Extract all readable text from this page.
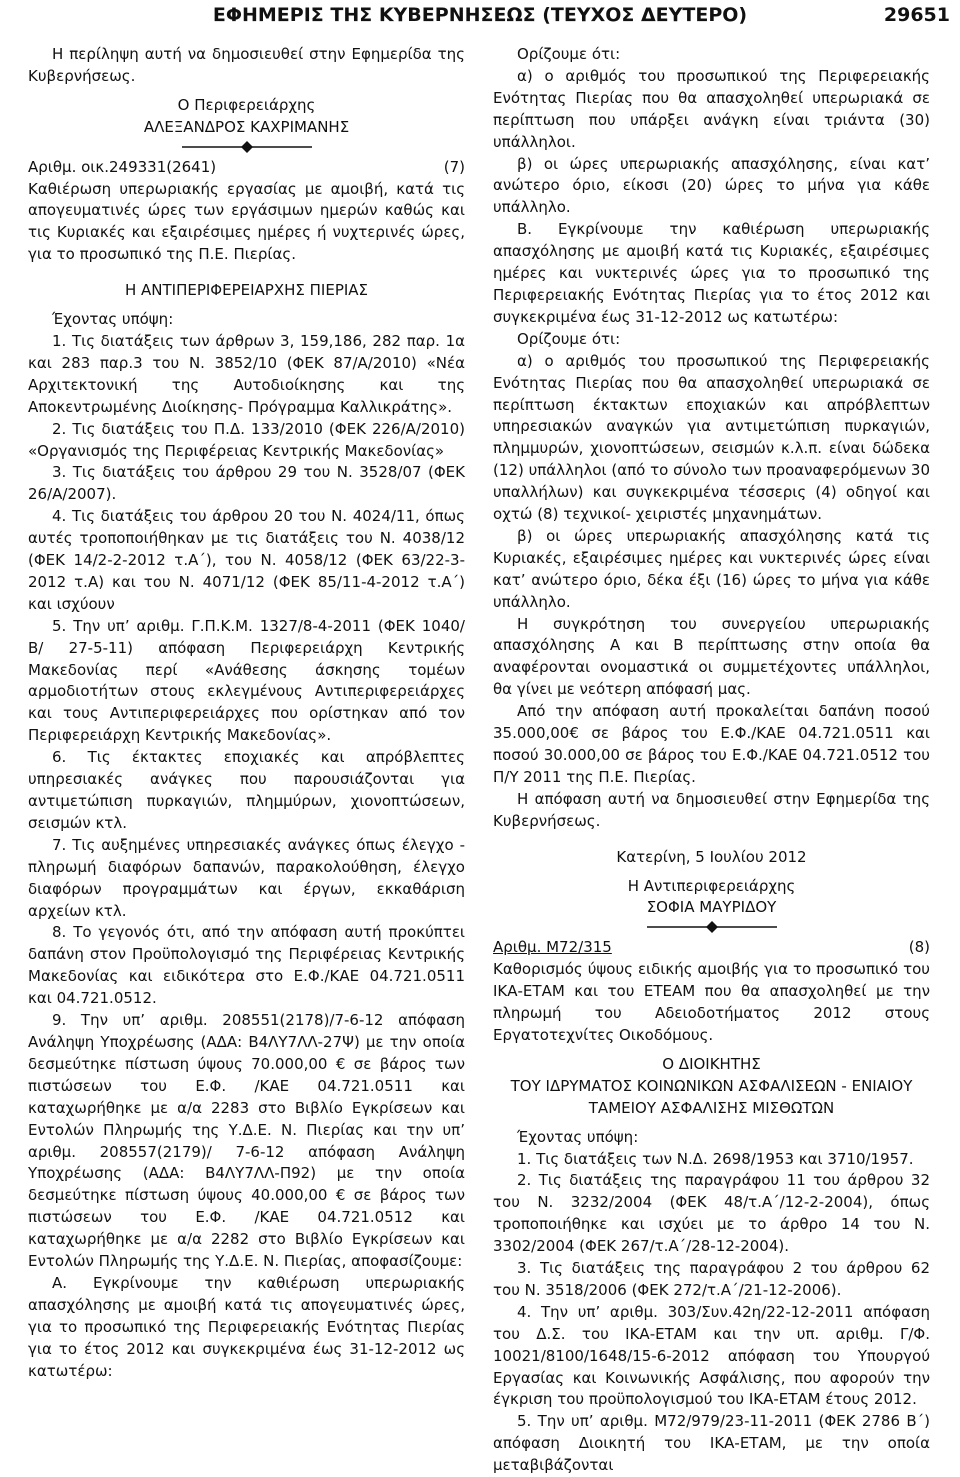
ΕΦΗΜΕΡΙΣ ΤΗΣ ΚΥΒΕΡΝΗΣΕΩΣ (ΤΕΥΧΟΣ ΔΕΥΤΕΡΟ)	29651

Η περίληψη αυτή να δημοσιευθεί στην Εφημερίδα της Κυβερνήσεως.

Ο Περιφερειάρχης

ΑΛΕΞΑΝΔΡΟΣ ΚΑΧΡΙΜΑΝΗΣ

Αριθμ. οικ.249331(2641)	(7)

Καθιέρωση υπερωριακής εργασίας με αμοιβή, κατά τις απογευματινές ώρες των εργάσιμων ημερών καθώς και τις Κυριακές και εξαιρέσιμες ημέρες ή νυχτερινές ώρες, για το προσωπικό της Π.Ε. Πιερίας.

Η ΑΝΤΙΠΕΡΙΦΕΡΕΙΑΡΧΗΣ ΠΙΕΡΙΑΣ

Έχοντας υπόψη:

1. Τις διατάξεις των άρθρων 3, 159,186, 282 παρ. 1α και 283 παρ.3 του Ν. 3852/10 (ΦΕΚ 87/Α/2010) «Νέα Αρχιτεκτονική της Αυτοδιοίκησης και της Αποκεντρωμένης Διοίκησης- Πρόγραμμα Καλλικράτης».

2. Τις διατάξεις του Π.Δ. 133/2010 (ΦΕΚ 226/Α/2010) «Οργανισμός της Περιφέρειας Κεντρικής Μακεδονίας»

3. Τις διατάξεις του άρθρου 29 του Ν. 3528/07 (ΦΕΚ 26/Α/2007).

4. Τις διατάξεις του άρθρου 20 του Ν. 4024/11, όπως αυτές τροποποιήθηκαν με τις διατάξεις του Ν. 4038/12 (ΦΕΚ 14/2-2-2012 τ.Α΄), του Ν. 4058/12 (ΦΕΚ 63/22-3-2012 τ.Α) και του Ν. 4071/12 (ΦΕΚ 85/11-4-2012 τ.Α΄) και ισχύουν

5. Την υπ’ αριθμ. Γ.Π.Κ.Μ. 1327/8-4-2011 (ΦΕΚ 1040/Β/ 27-5-11) απόφαση Περιφερειάρχη Κεντρικής Μακεδονίας περί «Ανάθεσης άσκησης τομέων αρμοδιοτήτων στους εκλεγμένους Αντιπεριφερειάρχες και τους Αντιπεριφερειάρχες που ορίστηκαν από τον Περιφερειάρχη Κεντρικής Μακεδονίας».

6. Τις έκτακτες εποχιακές και απρόβλεπτες υπηρεσιακές ανάγκες που παρουσιάζονται για αντιμετώπιση πυρκαγιών, πλημμύρων, χιονοπτώσεων, σεισμών κτλ.

7. Τις αυξημένες υπηρεσιακές ανάγκες όπως έλεγχο - πληρωμή διαφόρων δαπανών, παρακολούθηση, έλεγχο διαφόρων προγραμμάτων και έργων, εκκαθάριση αρχείων κτλ.

8. Το γεγονός ότι, από την απόφαση αυτή προκύπτει δαπάνη στον Προϋπολογισμό της Περιφέρειας Κεντρικής Μακεδονίας και ειδικότερα στο Ε.Φ./ΚΑΕ 04.721.0511 και 04.721.0512.

9. Την υπ’ αριθμ. 208551(2178)/7-6-12 απόφαση Ανάληψη Υποχρέωσης (ΑΔΑ: Β4ΛΥ7ΛΛ-27Ψ) με την οποία δεσμεύτηκε πίστωση ύψους 70.000,00 € σε βάρος των πιστώσεων του Ε.Φ. /ΚΑΕ 04.721.0511 και καταχωρήθηκε με α/α 2283 στο Βιβλίο Εγκρίσεων και Εντολών Πληρωμής της Υ.Δ.Ε. Ν. Πιερίας και την υπ’ αριθμ. 208557(2179)/ 7-6-12 απόφαση Ανάληψη Υποχρέωσης (ΑΔΑ: Β4ΛΥ7ΛΛ-Π92) με την οποία δεσμεύτηκε πίστωση ύψους 40.000,00 € σε βάρος των πιστώσεων του Ε.Φ. /ΚΑΕ 04.721.0512 και καταχωρήθηκε με α/α 2282 στο Βιβλίο Εγκρίσεων και Εντολών Πληρωμής της Υ.Δ.Ε. Ν. Πιερίας, αποφασίζουμε:

Α. Εγκρίνουμε την καθιέρωση υπερωριακής απασχόλησης με αμοιβή κατά τις απογευματινές ώρες, για το προσωπικό της Περιφερειακής Ενότητας Πιερίας για το έτος 2012 και συγκεκριμένα έως 31-12-2012 ως κατωτέρω:

Ορίζουμε ότι:

α) ο αριθμός του προσωπικού της Περιφερειακής Ενότητας Πιερίας που θα απασχοληθεί υπερωριακά σε περίπτωση που υπάρξει ανάγκη είναι τριάντα (30) υπάλληλοι.

β) οι ώρες υπερωριακής απασχόλησης, είναι κατ’ ανώτερο όριο, είκοσι (20) ώρες το μήνα για κάθε υπάλληλο.

Β. Εγκρίνουμε την καθιέρωση υπερωριακής απασχόλησης με αμοιβή κατά τις Κυριακές, εξαιρέσιμες ημέρες και νυκτερινές ώρες για το προσωπικό της Περιφερειακής Ενότητας Πιερίας για το έτος 2012 και συγκεκριμένα έως 31-12-2012 ως κατωτέρω:

Ορίζουμε ότι:

α) ο αριθμός του προσωπικού της Περιφερειακής Ενότητας Πιερίας που θα απασχοληθεί υπερωριακά σε περίπτωση έκτακτων εποχιακών και απρόβλεπτων υπηρεσιακών αναγκών για αντιμετώπιση πυρκαγιών, πλημμυρών, χιονοπτώσεων, σεισμών κ.λ.π. είναι δώδεκα (12) υπάλληλοι (από το σύνολο των προαναφερόμενων 30 υπαλλήλων) και συγκεκριμένα τέσσερις (4) οδηγοί και οχτώ (8) τεχνικοί- χειριστές μηχανημάτων.

β) οι ώρες υπερωριακής απασχόλησης κατά τις Κυριακές, εξαιρέσιμες ημέρες και νυκτερινές ώρες είναι κατ’ ανώτερο όριο, δέκα έξι (16) ώρες το μήνα για κάθε υπάλληλο.

Η συγκρότηση του συνεργείου υπερωριακής απασχόλησης Α και Β περίπτωσης στην οποία θα αναφέρονται ονομαστικά οι συμμετέχοντες υπάλληλοι, θα γίνει με νεότερη απόφασή μας.

Από την απόφαση αυτή προκαλείται δαπάνη ποσού 35.000,00€ σε βάρος του Ε.Φ./ΚΑΕ 04.721.0511 και ποσού 30.000,00 σε βάρος του Ε.Φ./ΚΑΕ 04.721.0512 του Π/Υ 2011 της Π.Ε. Πιερίας.

Η απόφαση αυτή να δημοσιευθεί στην Εφημερίδα της Κυβερνήσεως.

Κατερίνη, 5 Ιουλίου 2012

Η Αντιπεριφερειάρχης

ΣΟΦΙΑ ΜΑΥΡΙΔΟΥ

Αριθμ. Μ72/315	(8)

Καθορισμός ύψους ειδικής αμοιβής για το προσωπικό του ΙΚΑ-ΕΤΑΜ και του ΕΤΕΑΜ που θα απασχοληθεί με την πληρωμή του Αδειοδοτήματος 2012 στους Εργατοτεχνίτες Οικοδόμους.

Ο ΔΙΟΙΚΗΤΗΣ

ΤΟΥ ΙΔΡΥΜΑΤΟΣ ΚΟΙΝΩΝΙΚΩΝ ΑΣΦΑΛΙΣΕΩΝ - ΕΝΙΑΙΟΥ ΤΑΜΕΙΟΥ ΑΣΦΑΛΙΣΗΣ ΜΙΣΘΩΤΩΝ

Έχοντας υπόψη:

1. Τις διατάξεις των Ν.Δ. 2698/1953 και 3710/1957.

2. Τις διατάξεις της παραγράφου 11 του άρθρου 32 του Ν. 3232/2004 (ΦΕΚ 48/τ.Α΄/12-2-2004), όπως τροποποιήθηκε και ισχύει με το άρθρο 14 του Ν. 3302/2004 (ΦΕΚ 267/τ.Α΄/28-12-2004).

3. Τις διατάξεις της παραγράφου 2 του άρθρου 62 του Ν. 3518/2006 (ΦΕΚ 272/τ.Α΄/21-12-2006).

4. Την υπ’ αριθμ. 303/Συν.42η/22-12-2011 απόφαση του Δ.Σ. του ΙΚΑ-ΕΤΑΜ και την υπ. αριθμ. Γ/Φ. 10021/8100/1648/15-6-2012 απόφαση του Υπουργού Εργασίας και Κοινωνικής Ασφάλισης, που αφορούν την έγκριση του προϋπολογισμού του ΙΚΑ-ΕΤΑΜ έτους 2012.

5. Την υπ’ αριθμ. Μ72/979/23-11-2011 (ΦΕΚ 2786 Β΄) απόφαση Διοικητή του ΙΚΑ-ΕΤΑΜ, με την οποία μεταβιβάζονται
